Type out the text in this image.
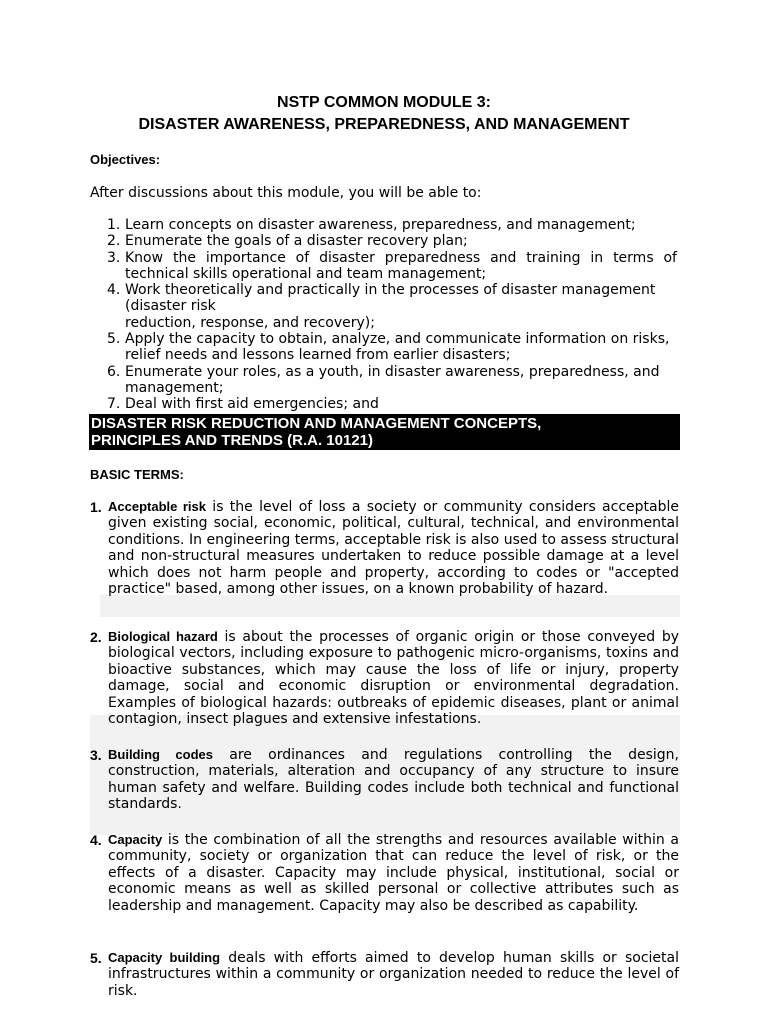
NSTP COMMON MODULE 3:
DISASTER AWARENESS, PREPAREDNESS, AND MANAGEMENT
Objectives:
After discussions about this module, you will be able to:
1. Learn concepts on disaster awareness, preparedness, and management;
2. Enumerate the goals of a disaster recovery plan;
3. Know the importance of disaster preparedness and training in terms of technical skills operational and team management;
4. Work theoretically and practically in the processes of disaster management (disaster risk
reduction, response, and recovery);
5. Apply the capacity to obtain, analyze, and communicate information on risks, relief needs and lessons learned from earlier disasters;
6. Enumerate your roles, as a youth, in disaster awareness, preparedness, and management;
7. Deal with first aid emergencies; and
DISASTER RISK REDUCTION AND MANAGEMENT CONCEPTS,
PRINCIPLES AND TRENDS (R.A. 10121)
BASIC TERMS:
1. Acceptable risk is the level of loss a society or community considers acceptable given existing social, economic, political, cultural, technical, and environmental conditions. In engineering terms, acceptable risk is also used to assess structural and non-structural measures undertaken to reduce possible damage at a level which does not harm people and property, according to codes or "accepted practice" based, among other issues, on a known probability of hazard.
2. Biological hazard is about the processes of organic origin or those conveyed by biological vectors, including exposure to pathogenic micro-organisms, toxins and bioactive substances, which may cause the loss of life or injury, property damage, social and economic disruption or environmental degradation. Examples of biological hazards: outbreaks of epidemic diseases, plant or animal contagion, insect plagues and extensive infestations.
3. Building codes are ordinances and regulations controlling the design, construction, materials, alteration and occupancy of any structure to insure human safety and welfare. Building codes include both technical and functional standards.
4. Capacity is the combination of all the strengths and resources available within a community, society or organization that can reduce the level of risk, or the effects of a disaster. Capacity may include physical, institutional, social or economic means as well as skilled personal or collective attributes such as leadership and management. Capacity may also be described as capability.
5. Capacity building deals with efforts aimed to develop human skills or societal infrastructures within a community or organization needed to reduce the level of risk.
